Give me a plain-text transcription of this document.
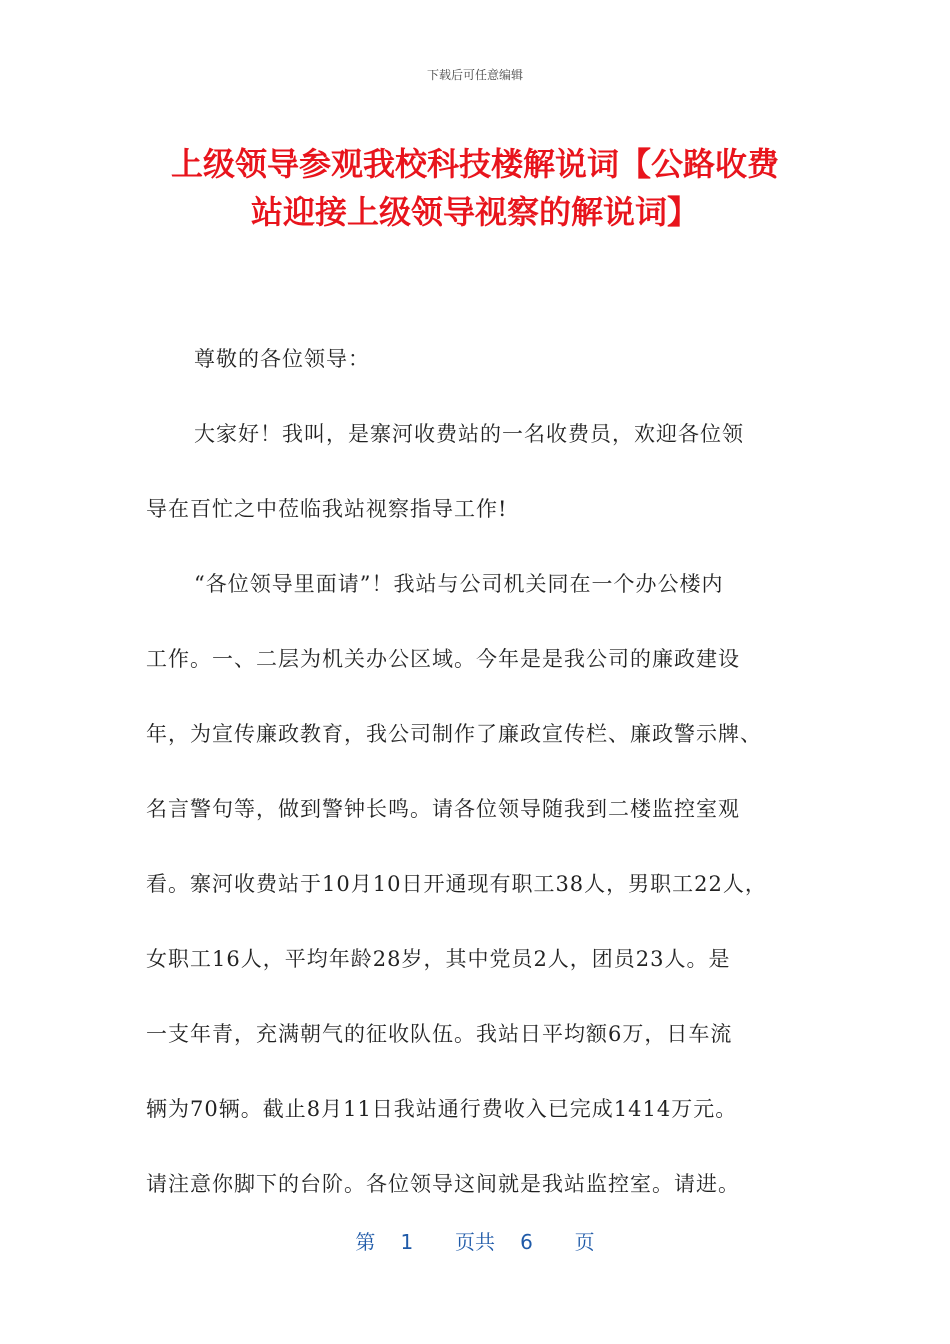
下载后可任意编辑
上级领导参观我校科技楼解说词【公路收费
站迎接上级领导视察的解说词】
尊敬的各位领导：
大家好！我叫，是寨河收费站的一名收费员，欢迎各位领
导在百忙之中莅临我站视察指导工作!
“各位领导里面请”！我站与公司机关同在一个办公楼内
工作。一、二层为机关办公区域。今年是是我公司的廉政建设
年，为宣传廉政教育，我公司制作了廉政宣传栏、廉政警示牌、
名言警句等，做到警钟长鸣。请各位领导随我到二楼监控室观
看。寨河收费站于10月10日开通现有职工38人，男职工22人，
女职工16人，平均年龄28岁，其中党员2人，团员23人。是
一支年青，充满朝气的征收队伍。我站日平均额6万，日车流
辆为70辆。截止8月11日我站通行费收入已完成1414万元。
请注意你脚下的台阶。各位领导这间就是我站监控室。请进。
第 1 页共 6 页
